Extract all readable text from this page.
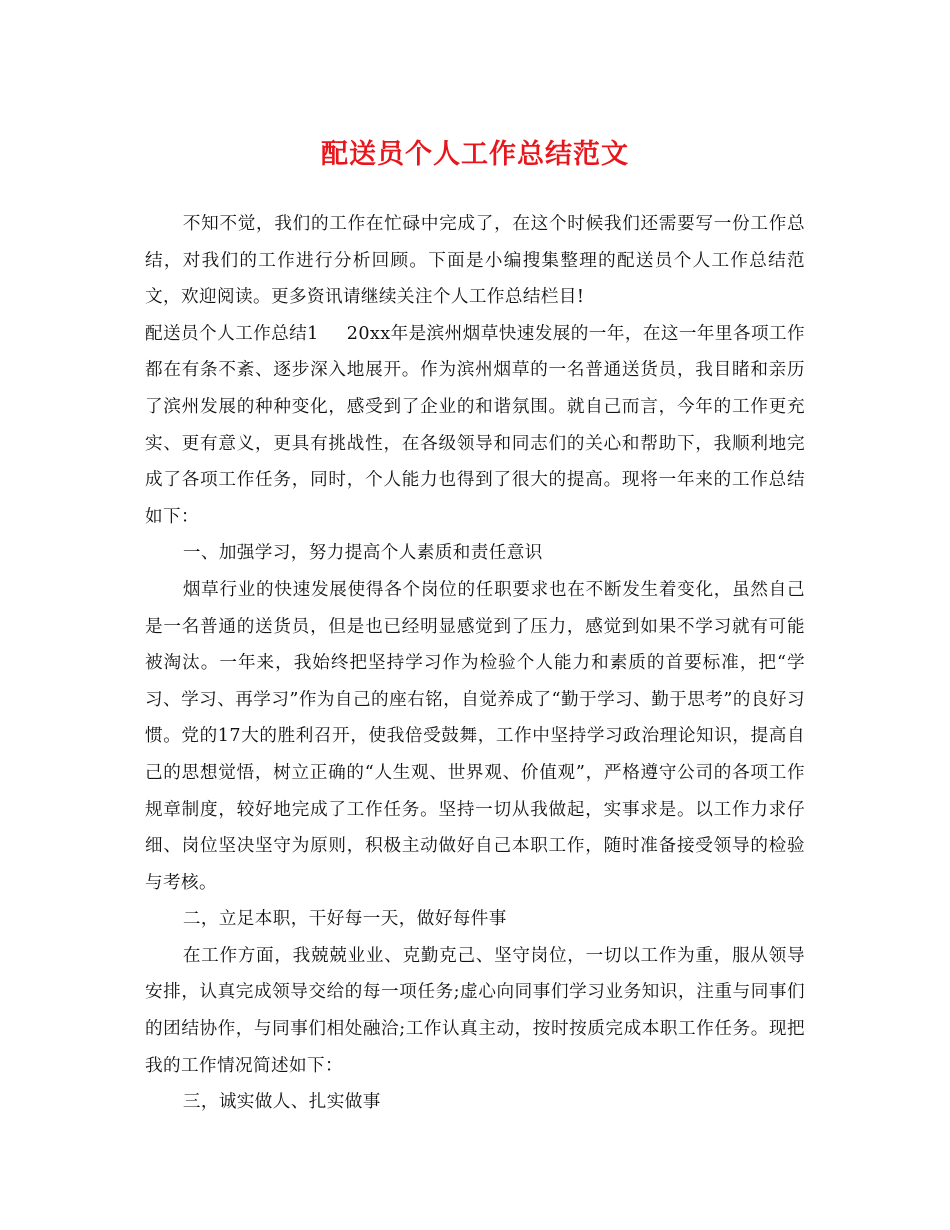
配送员个人工作总结范文

不知不觉，我们的工作在忙碌中完成了，在这个时候我们还需要写一份工作总结，对我们的工作进行分析回顾。下面是小编搜集整理的配送员个人工作总结范文，欢迎阅读。更多资讯请继续关注个人工作总结栏目!

配送员个人工作总结1 20xx年是滨州烟草快速发展的一年，在这一年里各项工作都在有条不紊、逐步深入地展开。作为滨州烟草的一名普通送货员，我目睹和亲历了滨州发展的种种变化，感受到了企业的和谐氛围。就自己而言，今年的工作更充实、更有意义，更具有挑战性，在各级领导和同志们的关心和帮助下，我顺利地完成了各项工作任务，同时，个人能力也得到了很大的提高。现将一年来的工作总结如下：

一、加强学习，努力提高个人素质和责任意识

烟草行业的快速发展使得各个岗位的任职要求也在不断发生着变化，虽然自己是一名普通的送货员，但是也已经明显感觉到了压力，感觉到如果不学习就有可能被淘汰。一年来，我始终把坚持学习作为检验个人能力和素质的首要标准，把“学习、学习、再学习”作为自己的座右铭，自觉养成了“勤于学习、勤于思考”的良好习惯。党的17大的胜利召开，使我倍受鼓舞，工作中坚持学习政治理论知识，提高自己的思想觉悟，树立正确的“人生观、世界观、价值观”，严格遵守公司的各项工作规章制度，较好地完成了工作任务。坚持一切从我做起，实事求是。以工作力求仔细、岗位坚决坚守为原则，积极主动做好自己本职工作，随时准备接受领导的检验与考核。

二，立足本职，干好每一天，做好每件事

在工作方面，我兢兢业业、克勤克己、坚守岗位，一切以工作为重，服从领导安排，认真完成领导交给的每一项任务;虚心向同事们学习业务知识，注重与同事们的团结协作，与同事们相处融洽;工作认真主动，按时按质完成本职工作任务。现把我的工作情况简述如下：

三，诚实做人、扎实做事
